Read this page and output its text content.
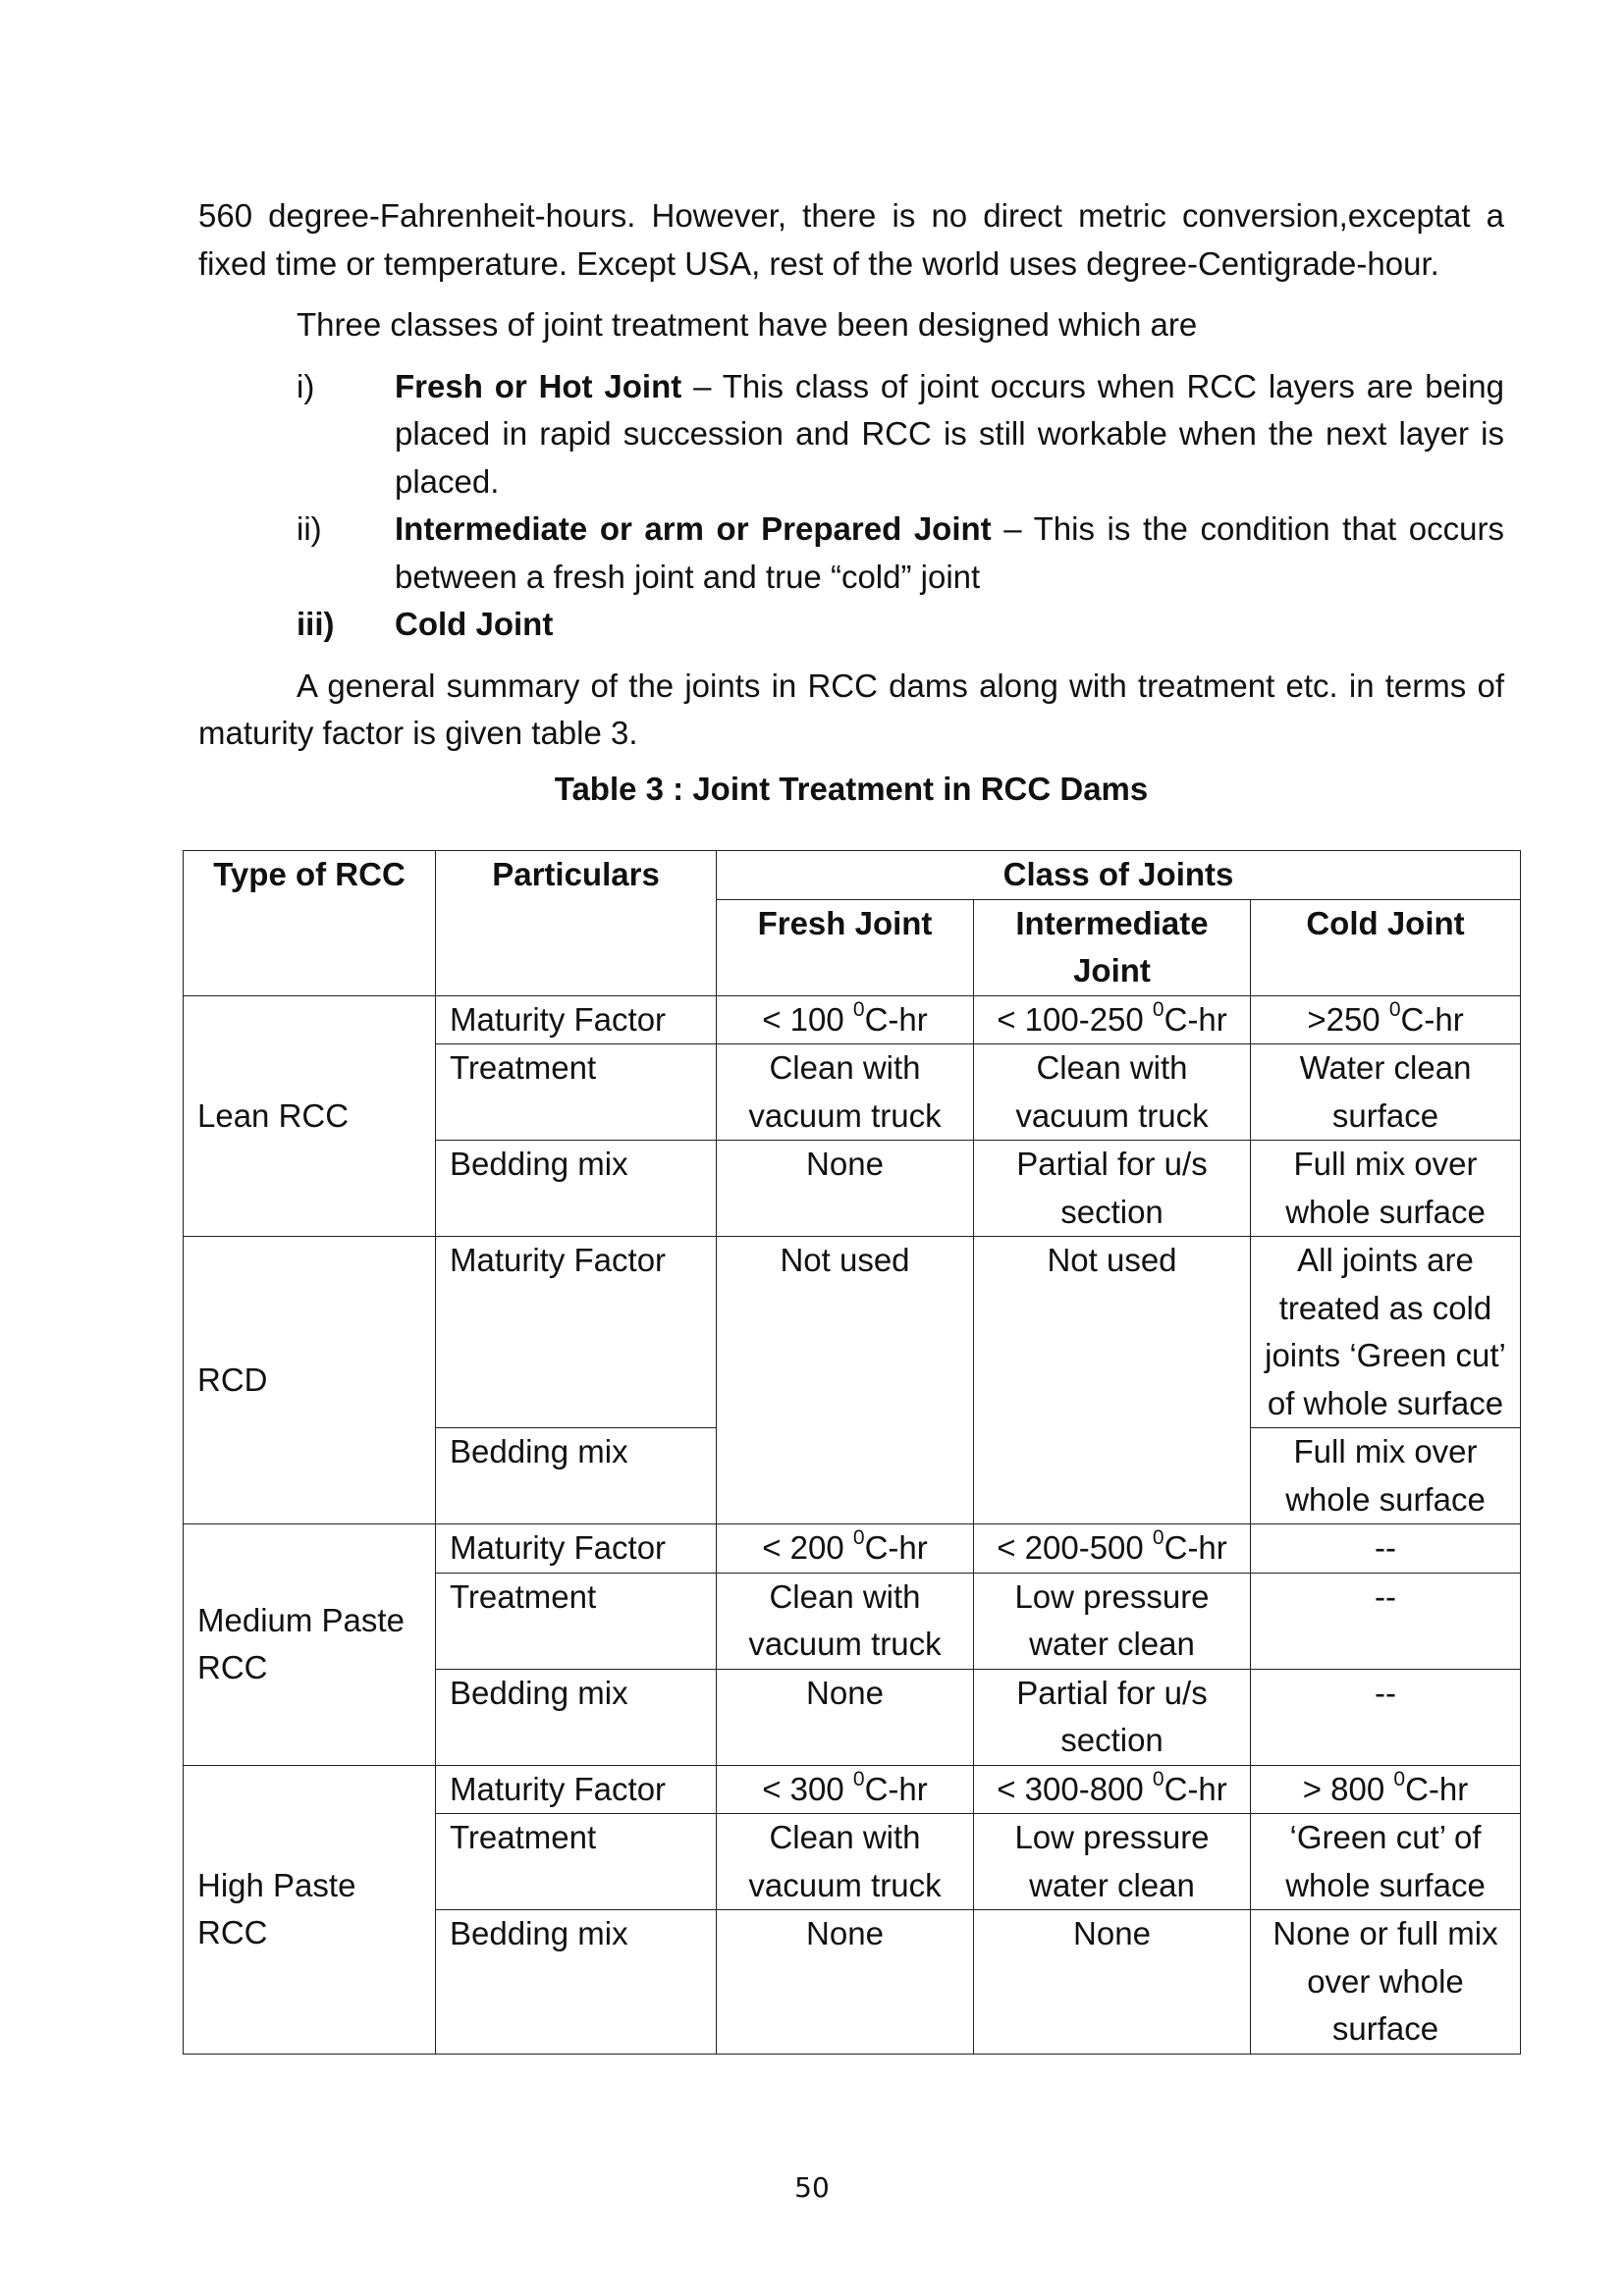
560 degree-Fahrenheit-hours. However, there is no direct metric conversion,exceptat a fixed time or temperature. Except USA, rest of the world uses degree-Centigrade-hour.

Three classes of joint treatment have been designed which are

i)	Fresh or Hot Joint – This class of joint occurs when RCC layers are being placed in rapid succession and RCC is still workable when the next layer is placed.
ii)	Intermediate or arm or Prepared Joint – This is the condition that occurs between a fresh joint and true “cold” joint
iii)	Cold Joint

A general summary of the joints in RCC dams along with treatment etc. in terms of maturity factor is given table 3.

Table 3 : Joint Treatment in RCC Dams

Type of RCC	Particulars	Class of Joints		
		Fresh Joint	Intermediate Joint	Cold Joint
Lean RCC	Maturity Factor	< 100 $^0$C-hr	< 100-250 $^0$C-hr	>250 $^0$C-hr
	Treatment	Clean with vacuum truck	Clean with vacuum truck	Water clean surface
	Bedding mix	None	Partial for u/s section	Full mix over whole surface
RCD	Maturity Factor	Not used	Not used	All joints are treated as cold joints ‘Green cut’ of whole surface
	Bedding mix			Full mix over whole surface
Medium Paste RCC	Maturity Factor	< 200 $^0$C-hr	< 200-500 $^0$C-hr	--
	Treatment	Clean with vacuum truck	Low pressure water clean	--
	Bedding mix	None	Partial for u/s section	--
High Paste RCC	Maturity Factor	< 300 $^0$C-hr	< 300-800 $^0$C-hr	> 800 $^0$C-hr
	Treatment	Clean with vacuum truck	Low pressure water clean	‘Green cut’ of whole surface
	Bedding mix	None	None	None or full mix over whole surface
50
